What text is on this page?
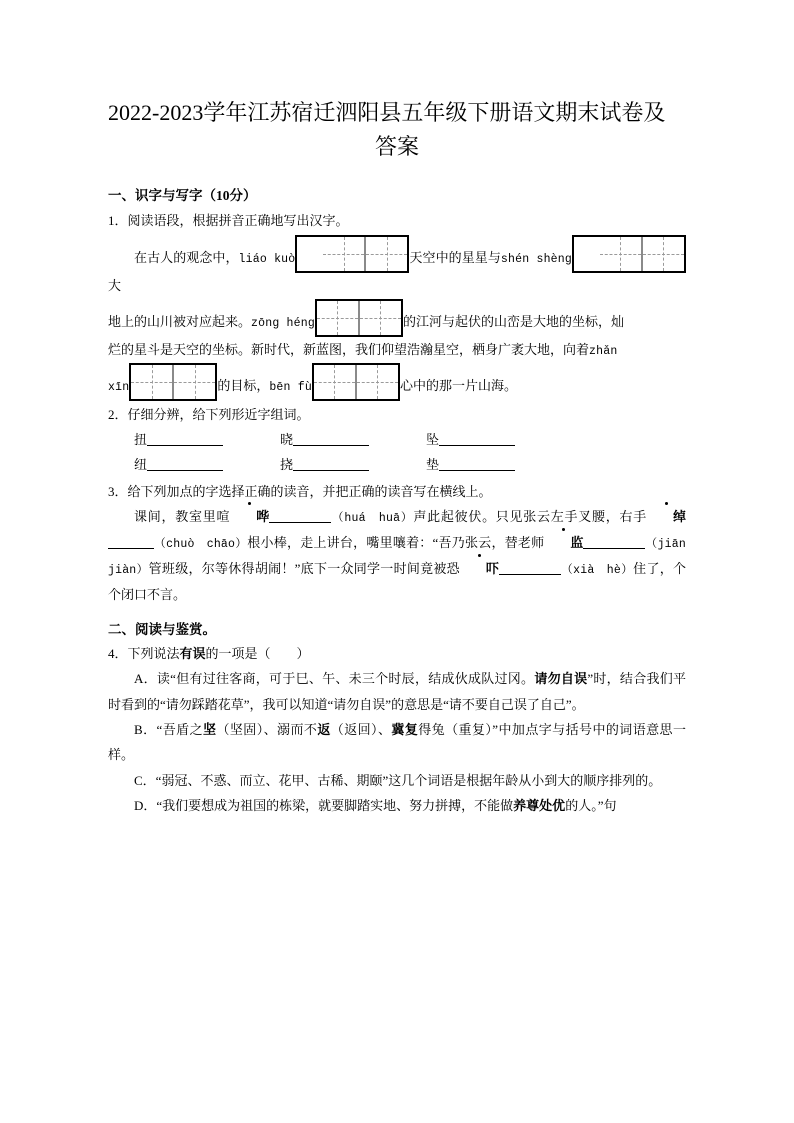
2022-2023学年江苏宿迁泗阳县五年级下册语文期末试卷及
答案
一、识字与写字（10分）
1．阅读语段，根据拼音正确地写出汉字。
在古人的观念中，liáo kuò	天空中的星星与shén shèng大
地上的山川被对应起来。zōng héng	的江河与起伏的山峦是大地的坐标，灿
烂的星斗是天空的坐标。新时代，新蓝图，我们仰望浩瀚星空，栖身广袤大地，向着zhǎn
xīn	的目标，bēn fù	心中的那一片山海。
2．仔细分辨，给下列形近字组词。
扭	晓	坠
纽	挠	垫
3．给下列加点的字选择正确的读音，并把正确的读音写在横线上。
课间，教室里喧 哗	（huá　huā）声此起彼伏。只见张云左手叉腰，右手 绰（chuò　chāo）根小棒，走上讲台，嘴里嚷着：“吾乃张云，替老师 监	（jiān　jiàn）管班级，尔等休得胡闹！”底下一众同学一时间竟被恐 吓	（xià　hè）住了，个个闭口不言。
二、阅读与鉴赏。
4．下列说法有误的一项是（　　）
A．读“但有过往客商，可于巳、午、未三个时辰，结成伙成队过冈。请勿自误”时，结合我们平时看到的“请勿踩踏花草”，我可以知道“请勿自误”的意思是“请不要自己误了自己”。
B．“吾盾之坚（坚固）、溺而不返（返回）、冀复得兔（重复）”中加点字与括号中的词语意思一样。
C．“弱冠、不惑、而立、花甲、古稀、期颐”这几个词语是根据年龄从小到大的顺序排列的。
D．“我们要想成为祖国的栋梁，就要脚踏实地、努力拼搏，不能做养尊处优的人。”句
